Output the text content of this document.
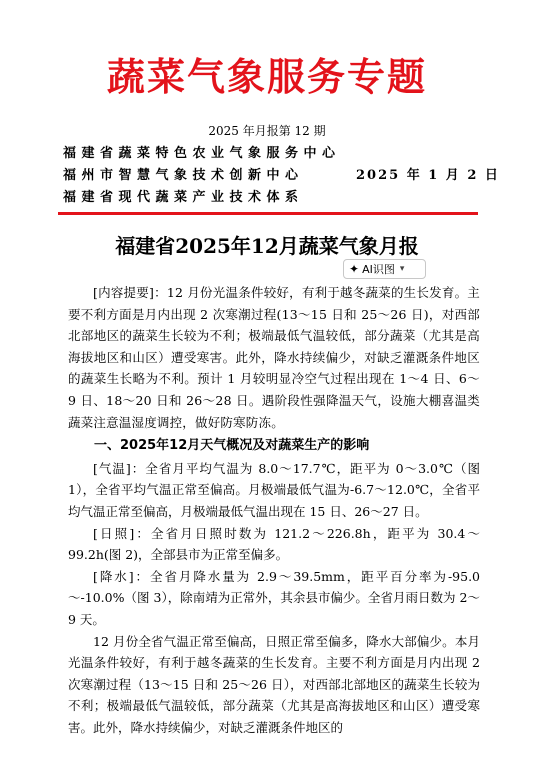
蔬菜气象服务专题
2025 年月报第 12 期
福建省蔬菜特色农业气象服务中心
福州市智慧气象技术创新中心	2025 年 1 月 2 日
福建省现代蔬菜产业技术体系
福建省2025年12月蔬菜气象月报
✦ AI识图 ▾

[内容提要]：12 月份光温条件较好，有利于越冬蔬菜的生长发育。主要不利方面是月内出现 2 次寒潮过程(13～15 日和 25～26 日)，对西部北部地区的蔬菜生长较为不利；极端最低气温较低，部分蔬菜（尤其是高海拔地区和山区）遭受寒害。此外，降水持续偏少，对缺乏灌溉条件地区的蔬菜生长略为不利。预计 1 月较明显冷空气过程出现在 1～4 日、6～9 日、18～20 日和 26～28 日。遇阶段性强降温天气，设施大棚喜温类蔬菜注意温湿度调控，做好防寒防冻。

一、2025年12月天气概况及对蔬菜生产的影响

[气温]：全省月平均气温为 8.0～17.7℃，距平为 0～3.0℃（图 1），全省平均气温正常至偏高。月极端最低气温为-6.7～12.0℃，全省平均气温正常至偏高，月极端最低气温出现在 15 日、26～27 日。

[日照]：全省月日照时数为 121.2～226.8h，距平为 30.4～99.2h(图 2)，全部县市为正常至偏多。

[降水]：全省月降水量为 2.9～39.5mm，距平百分率为-95.0～-10.0%（图 3），除南靖为正常外，其余县市偏少。全省月雨日数为 2～9 天。

12 月份全省气温正常至偏高，日照正常至偏多，降水大部偏少。本月光温条件较好，有利于越冬蔬菜的生长发育。主要不利方面是月内出现 2 次寒潮过程（13～15 日和 25～26 日），对西部北部地区的蔬菜生长较为不利；极端最低气温较低，部分蔬菜（尤其是高海拔地区和山区）遭受寒害。此外，降水持续偏少，对缺乏灌溉条件地区的
